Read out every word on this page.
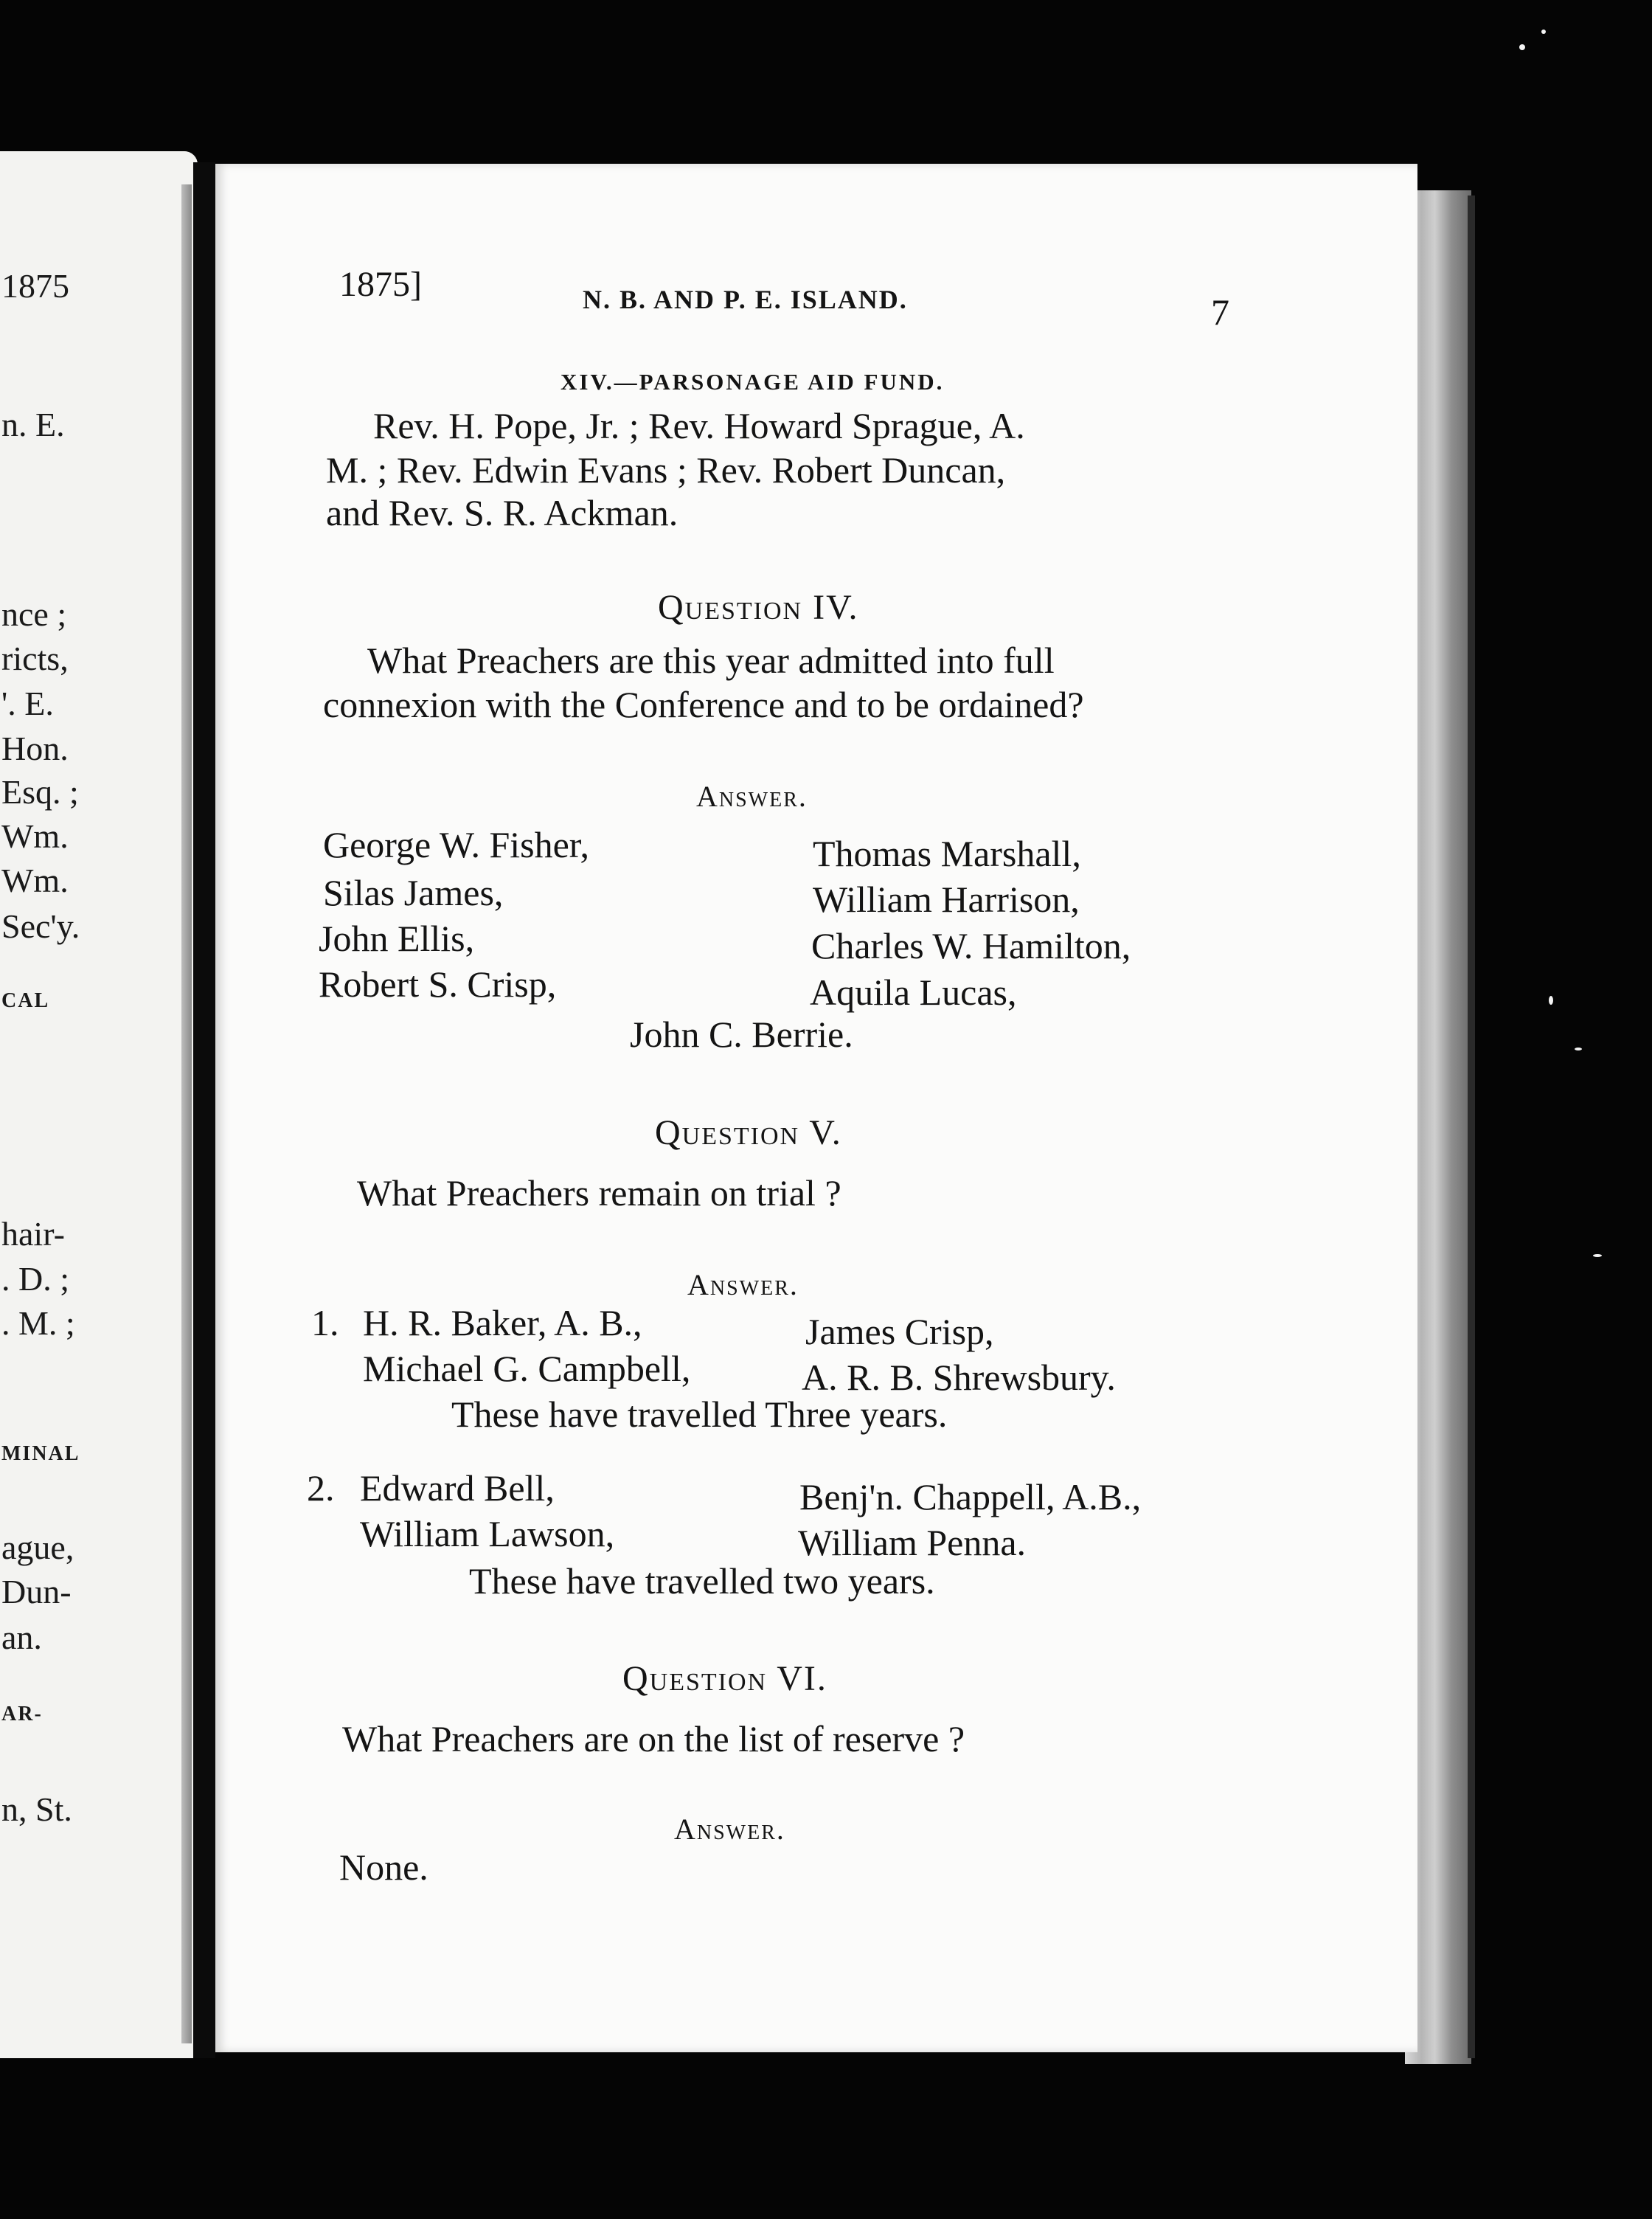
1875
n. E.
nce ;
ricts,
'. E.
Hon.
Esq. ;
Wm.
Wm.
Sec'y.
CAL
hair-
. D. ;
. M. ;
MINAL
ague,
Dun-
an.
AR-
n, St.
1875]	N. B. AND P. E. ISLAND.	7
XIV.—PARSONAGE AID FUND.
Rev. H. Pope, Jr. ; Rev. Howard Sprague, A.
M. ; Rev. Edwin Evans ; Rev. Robert Duncan,
and Rev. S. R. Ackman.
Question IV.
What Preachers are this year admitted into full
connexion with the Conference and to be ordained?
Answer.
George W. Fisher,
Silas James,
John Ellis,
Robert S. Crisp,
Thomas Marshall,
William Harrison,
Charles W. Hamilton,
Aquila Lucas,
John C. Berrie.
Question V.
What Preachers remain on trial ?
Answer.
1. H. R. Baker, A. B.,
Michael G. Campbell,
James Crisp,
A. R. B. Shrewsbury.
These have travelled Three years.
2. Edward Bell,
William Lawson,
Benj'n. Chappell, A.B.,
William Penna.
These have travelled two years.
Question VI.
What Preachers are on the list of reserve ?
Answer.
None.
